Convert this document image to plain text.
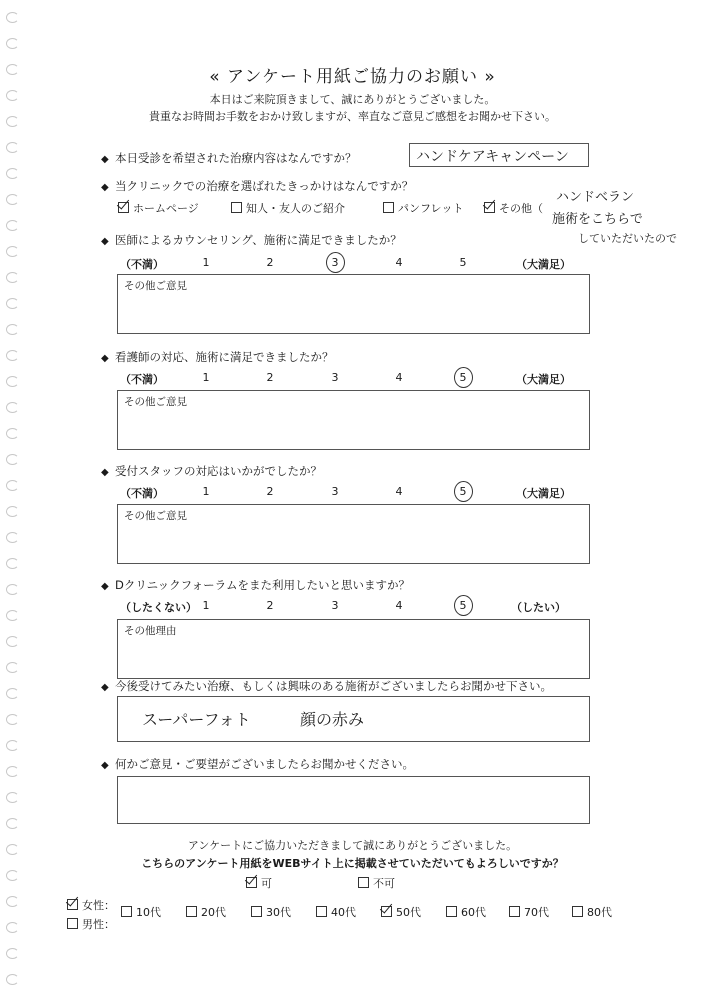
« アンケート用紙ご協力のお願い »
本日はご来院頂きまして、誠にありがとうございました。
貴重なお時間お手数をおかけ致しますが、率直なご意見ご感想をお聞かせ下さい。
◆ 本日受診を希望された治療内容はなんですか？	ハンドケアキャンペーン
◆ 当クリニックでの治療を選ばれたきっかけはなんですか？
ホームページ	知人・友人のご紹介	パンフレット	その他（
ハンドベラン
施術をこちらで
していただいたので
◆ 医師によるカウンセリング、施術に満足できましたか？
（不満）	（大満足）
1	2	3	4	5
その他ご意見
◆ 看護師の対応、施術に満足できましたか？
（不満）	（大満足）
1	2	3	4	5
その他ご意見
◆ 受付スタッフの対応はいかがでしたか？
（不満）	（大満足）
1	2	3	4	5
その他ご意見
◆ Dクリニックフォーラムをまた利用したいと思いますか？
（したくない）	（したい）
1	2	3	4	5
その他理由
◆ 今後受けてみたい治療、もしくは興味のある施術がございましたらお聞かせ下さい。
スーパーフォト	顔の赤み
◆ 何かご意見・ご要望がございましたらお聞かせください。
アンケートにご協力いただきまして誠にありがとうございました。
こちらのアンケート用紙をWEBサイト上に掲載させていただいてもよろしいですか？
可	不可
女性：
男性：
10代	20代	30代	40代	50代	60代	70代	80代
